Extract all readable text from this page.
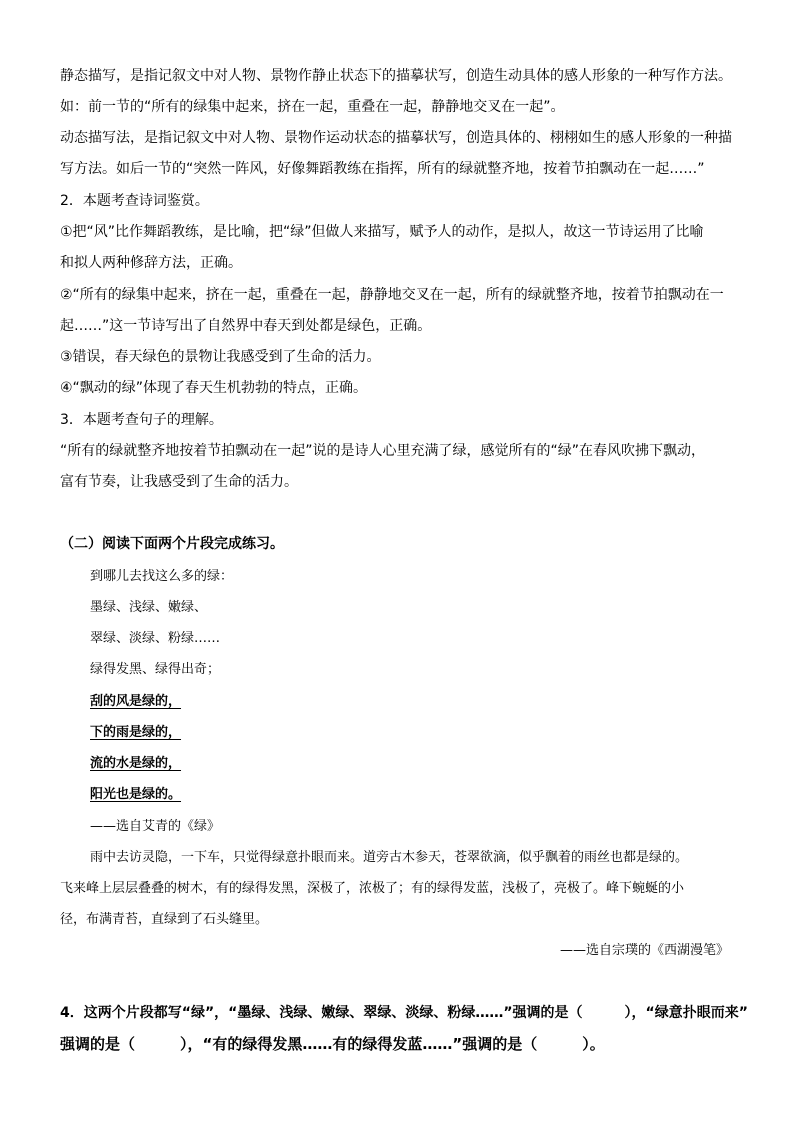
静态描写，是指记叙文中对人物、景物作静止状态下的描摹状写，创造生动具体的感人形象的一种写作方法。

如：前一节的“所有的绿集中起来，挤在一起，重叠在一起，静静地交叉在一起”。

动态描写法，是指记叙文中对人物、景物作运动状态的描摹状写，创造具体的、栩栩如生的感人形象的一种描

写方法。如后一节的“突然一阵风，好像舞蹈教练在指挥，所有的绿就整齐地，按着节拍飘动在一起……”

2．本题考查诗词鉴赏。

①把“风”比作舞蹈教练，是比喻，把“绿”但做人来描写，赋予人的动作，是拟人，故这一节诗运用了比喻

和拟人两种修辞方法，正确。

②“所有的绿集中起来，挤在一起，重叠在一起，静静地交叉在一起，所有的绿就整齐地，按着节拍飘动在一

起……”这一节诗写出了自然界中春天到处都是绿色，正确。

③错误，春天绿色的景物让我感受到了生命的活力。

④“飘动的绿”体现了春天生机勃勃的特点，正确。

3．本题考查句子的理解。

“所有的绿就整齐地按着节拍飘动在一起”说的是诗人心里充满了绿，感觉所有的“绿”在春风吹拂下飘动，

富有节奏，让我感受到了生命的活力。

（二）阅读下面两个片段完成练习。

到哪儿去找这么多的绿：

墨绿、浅绿、嫩绿、

翠绿、淡绿、粉绿……

绿得发黑、绿得出奇；

刮的风是绿的，

下的雨是绿的，

流的水是绿的，

阳光也是绿的。

——选自艾青的《绿》

雨中去访灵隐，一下车，只觉得绿意扑眼而来。道旁古木参天，苍翠欲滴，似乎飘着的雨丝也都是绿的。

飞来峰上层层叠叠的树木，有的绿得发黑，深极了，浓极了；有的绿得发蓝，浅极了，亮极了。峰下蜿蜒的小

径，布满青苔，直绿到了石头缝里。

——选自宗璞的《西湖漫笔》

4．这两个片段都写“绿”，“墨绿、浅绿、嫩绿、翠绿、淡绿、粉绿……”强调的是（　　　），“绿意扑眼而来”

强调的是（　　　），“有的绿得发黑……有的绿得发蓝……”强调的是（　　　）。
